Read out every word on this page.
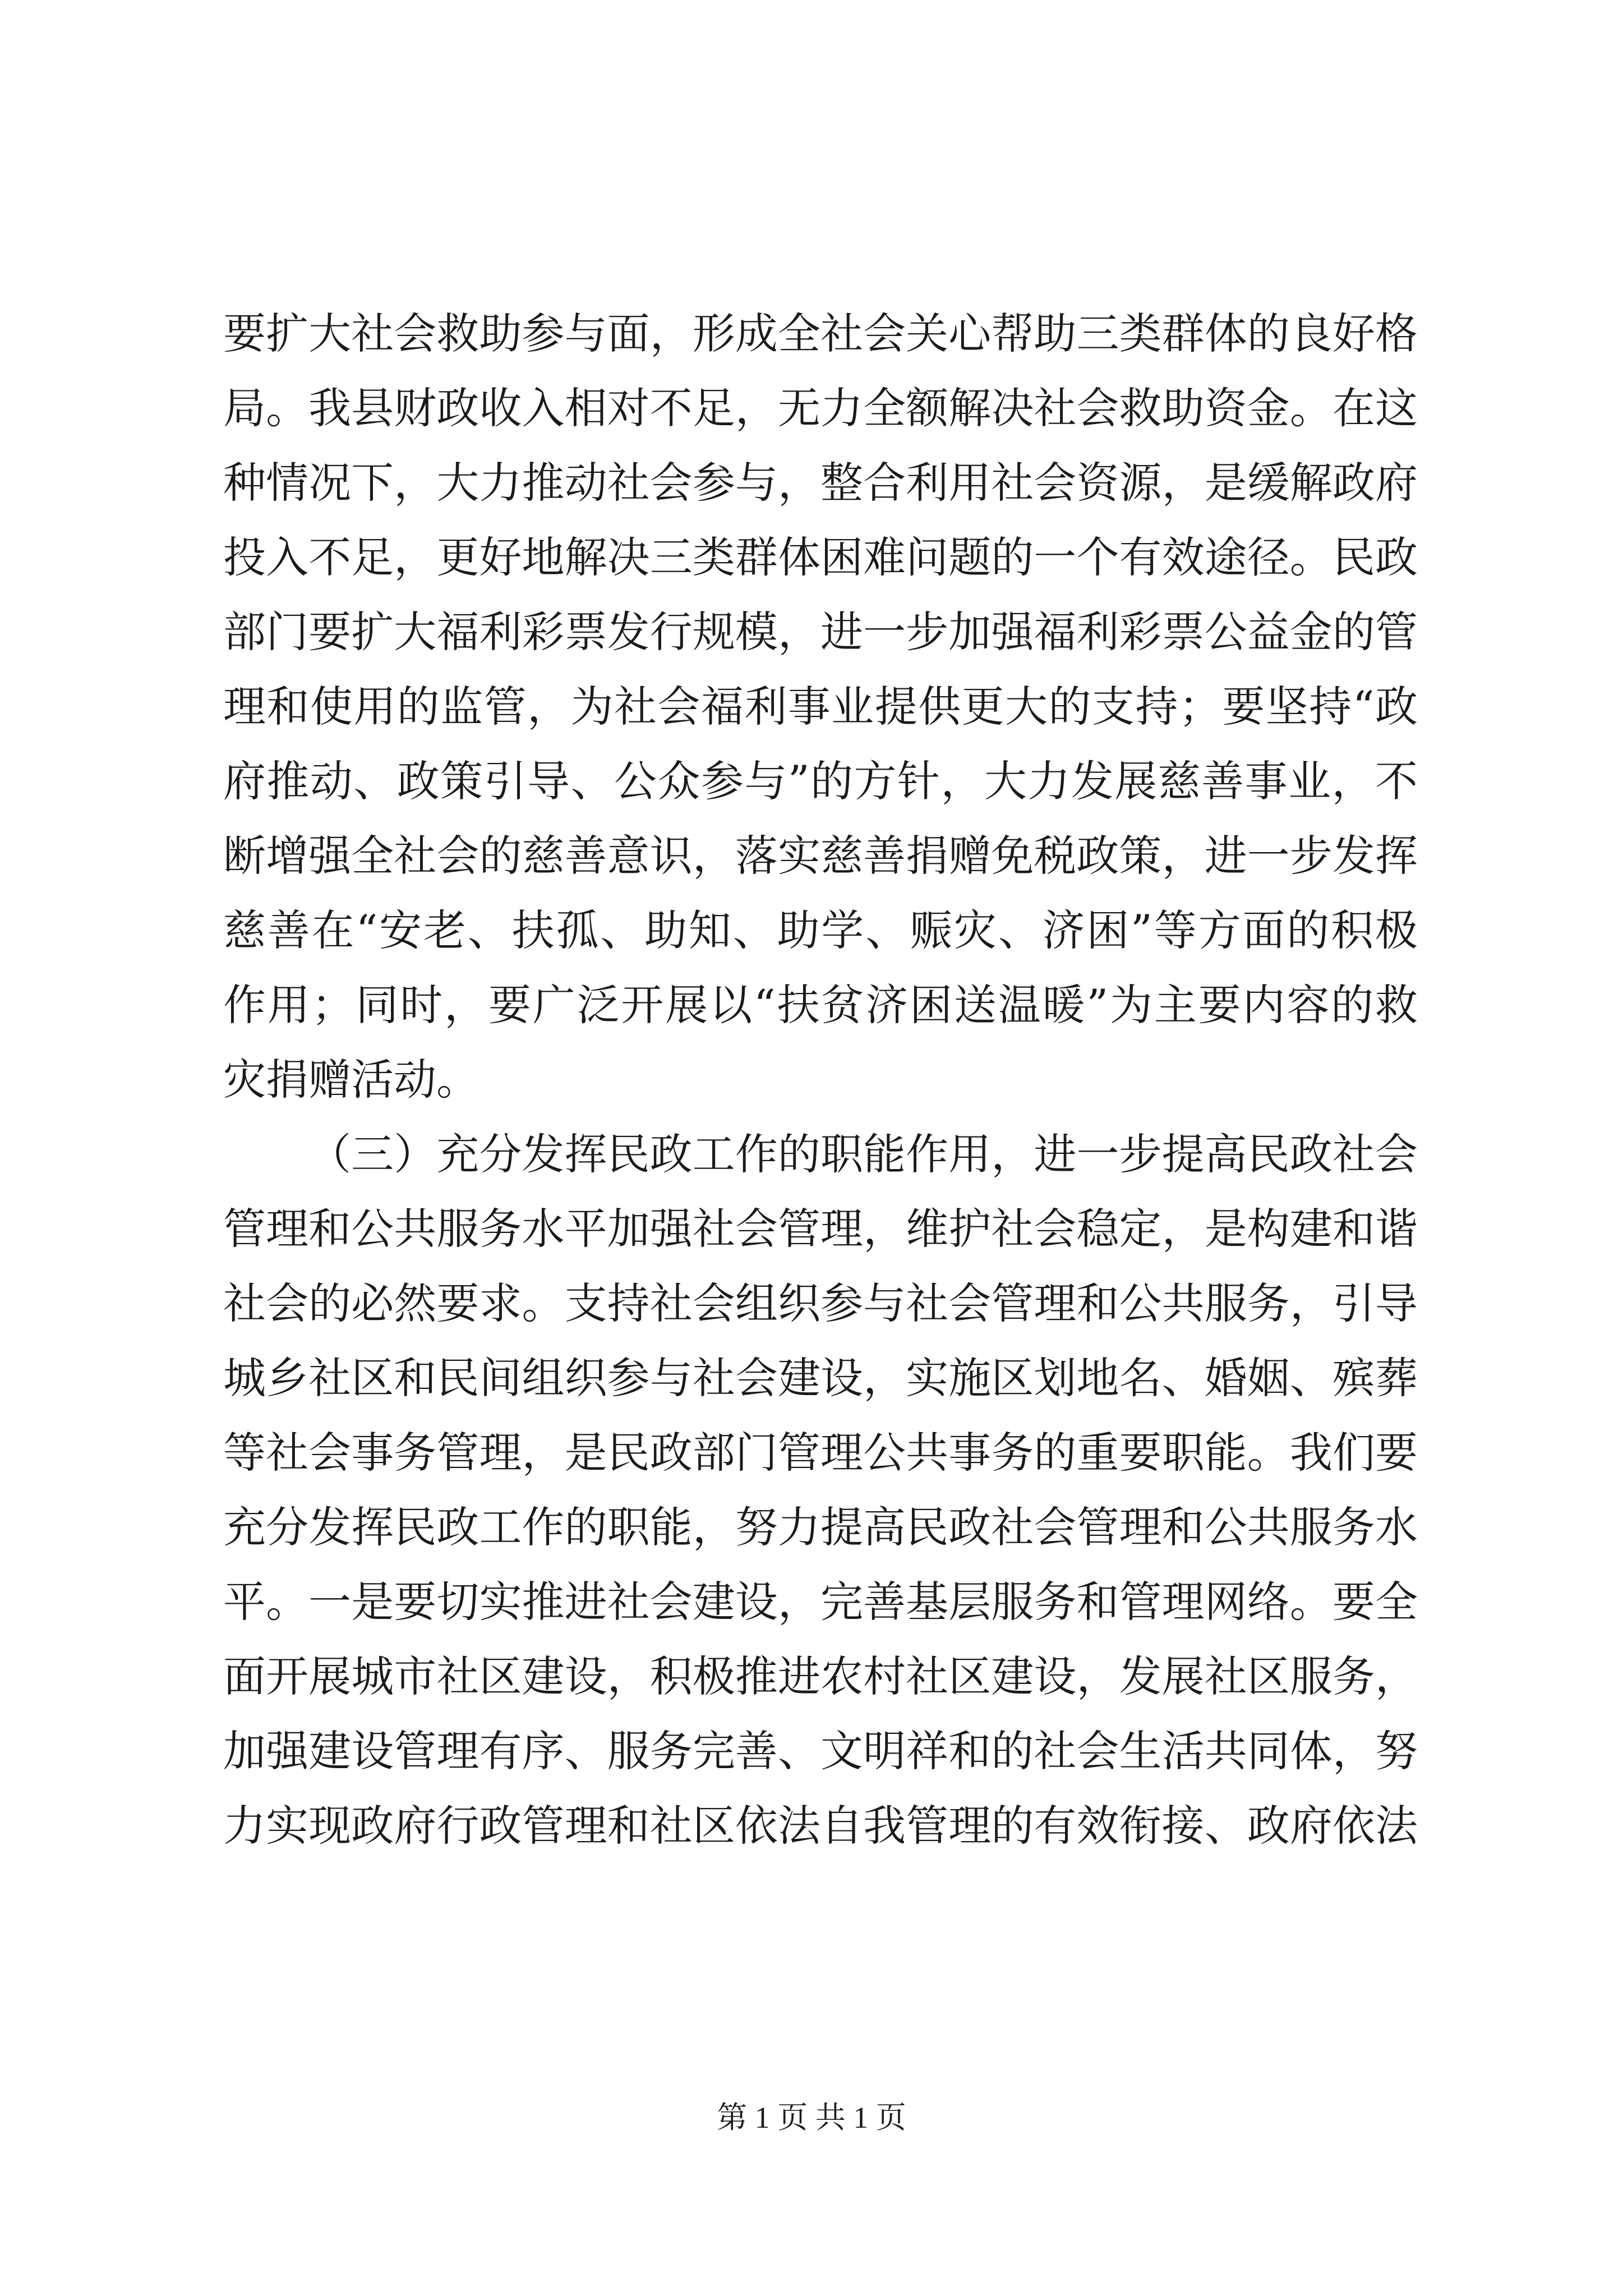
要扩大社会救助参与面，形成全社会关心帮助三类群体的良好格
局。我县财政收入相对不足，无力全额解决社会救助资金。在这
种情况下，大力推动社会参与，整合利用社会资源，是缓解政府
投入不足，更好地解决三类群体困难问题的一个有效途径。民政
部门要扩大福利彩票发行规模，进一步加强福利彩票公益金的管
理和使用的监管，为社会福利事业提供更大的支持；要坚持“政
府推动、政策引导、公众参与”的方针，大力发展慈善事业，不
断增强全社会的慈善意识，落实慈善捐赠免税政策，进一步发挥
慈善在“安老、扶孤、助知、助学、赈灾、济困”等方面的积极
作用；同时，要广泛开展以“扶贫济困送温暖”为主要内容的救
灾捐赠活动。
（三）充分发挥民政工作的职能作用，进一步提高民政社会
管理和公共服务水平加强社会管理，维护社会稳定，是构建和谐
社会的必然要求。支持社会组织参与社会管理和公共服务，引导
城乡社区和民间组织参与社会建设，实施区划地名、婚姻、殡葬
等社会事务管理，是民政部门管理公共事务的重要职能。我们要
充分发挥民政工作的职能，努力提高民政社会管理和公共服务水
平。一是要切实推进社会建设，完善基层服务和管理网络。要全
面开展城市社区建设，积极推进农村社区建设，发展社区服务，
加强建设管理有序、服务完善、文明祥和的社会生活共同体，努
力实现政府行政管理和社区依法自我管理的有效衔接、政府依法
第 1 页 共 1 页
